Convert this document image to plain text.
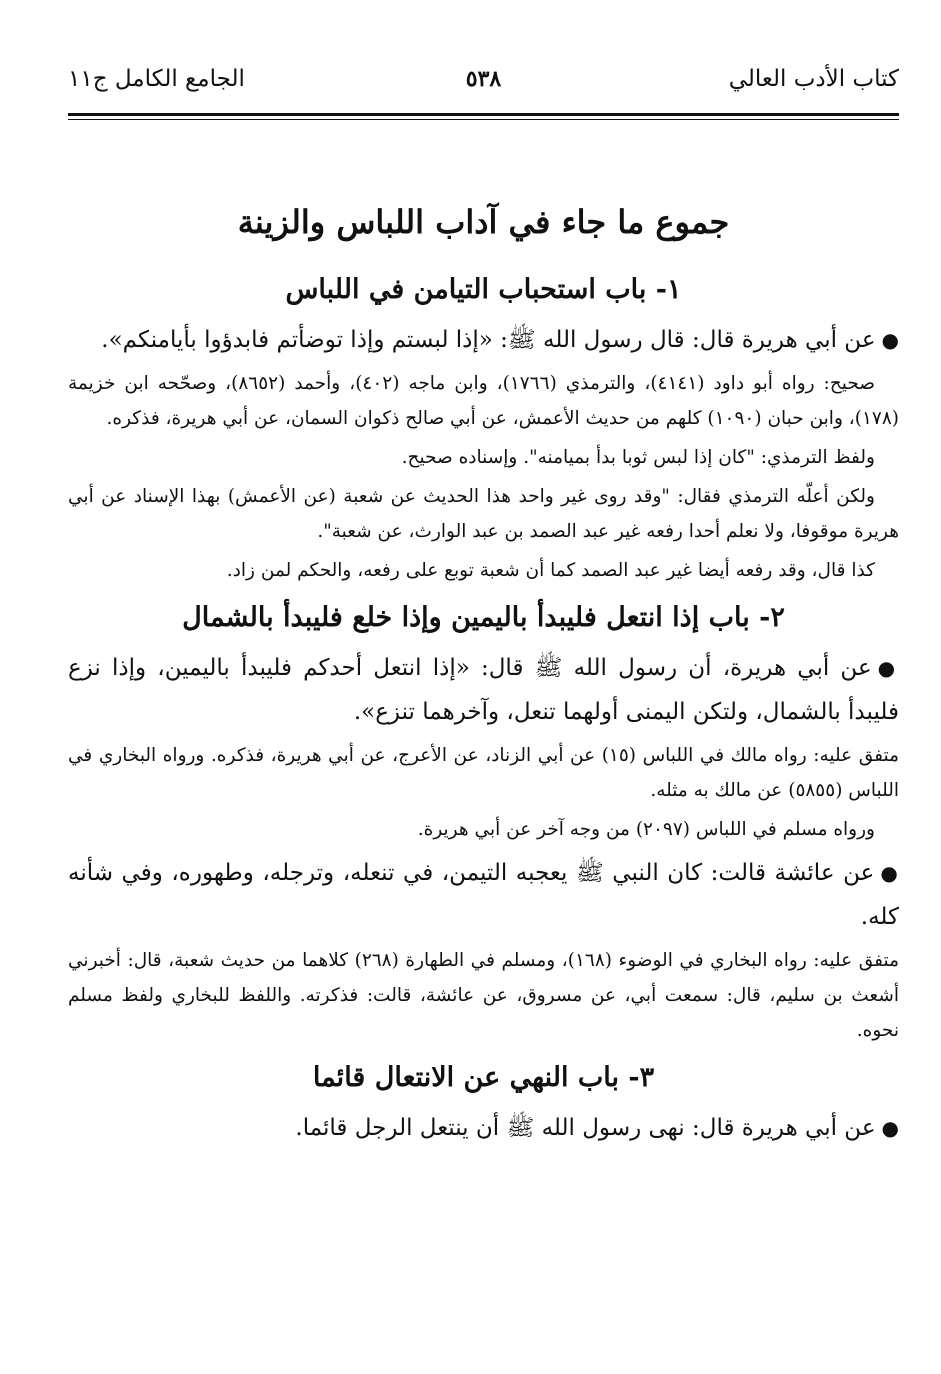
كتاب الأدب العالي
٥٣٨
الجامع الكامل ج١١
جموع ما جاء في آداب اللباس والزينة
١- باب استحباب التيامن في اللباس

●عن أبي هريرة قال: قال رسول الله ﷺ: «إذا لبستم وإذا توضأتم فابدؤوا بأيامنكم».

صحيح: رواه أبو داود (٤١٤١)، والترمذي (١٧٦٦)، وابن ماجه (٤٠٢)، وأحمد (٨٦٥٢)، وصحّحه ابن خزيمة (١٧٨)، وابن حبان (١٠٩٠) كلهم من حديث الأعمش، عن أبي صالح ذكوان السمان، عن أبي هريرة، فذكره.

ولفظ الترمذي: "كان إذا لبس ثوبا بدأ بميامنه". وإسناده صحيح.

ولكن أعلّه الترمذي فقال: "وقد روى غير واحد هذا الحديث عن شعبة (عن الأعمش) بهذا الإسناد عن أبي هريرة موقوفا، ولا نعلم أحدا رفعه غير عبد الصمد بن عبد الوارث، عن شعبة".

كذا قال، وقد رفعه أيضا غير عبد الصمد كما أن شعبة توبع على رفعه، والحكم لمن زاد.

٢- باب إذا انتعل فليبدأ باليمين وإذا خلع فليبدأ بالشمال

●عن أبي هريرة، أن رسول الله ﷺ قال: «إذا انتعل أحدكم فليبدأ باليمين، وإذا نزع فليبدأ بالشمال، ولتكن اليمنى أولهما تنعل، وآخرهما تنزع».

متفق عليه: رواه مالك في اللباس (١٥) عن أبي الزناد، عن الأعرج، عن أبي هريرة، فذكره. ورواه البخاري في اللباس (٥٨٥٥) عن مالك به مثله.

ورواه مسلم في اللباس (٢٠٩٧) من وجه آخر عن أبي هريرة.

●عن عائشة قالت: كان النبي ﷺ يعجبه التيمن، في تنعله، وترجله، وطهوره، وفي شأنه كله.

متفق عليه: رواه البخاري في الوضوء (١٦٨)، ومسلم في الطهارة (٢٦٨) كلاهما من حديث شعبة، قال: أخبرني أشعث بن سليم، قال: سمعت أبي، عن مسروق، عن عائشة، قالت: فذكرته. واللفظ للبخاري ولفظ مسلم نحوه.

٣- باب النهي عن الانتعال قائما

●عن أبي هريرة قال: نهى رسول الله ﷺ أن ينتعل الرجل قائما.
